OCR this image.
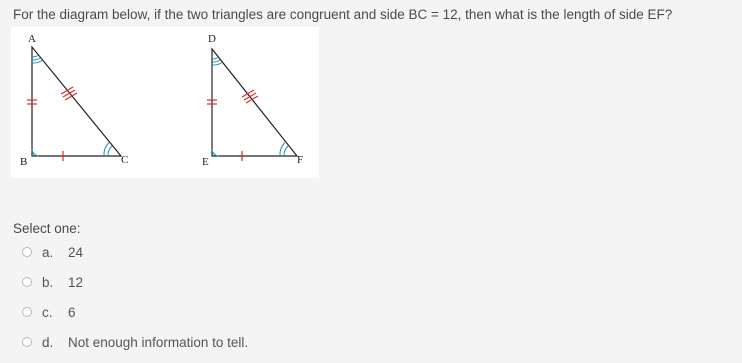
For the diagram below, if the two triangles are congruent and side BC = 12, then what is the length of side EF?
A
B	C
D
E	F
Select one:
a.	24
b.	12
c.	6
d.	Not enough information to tell.
